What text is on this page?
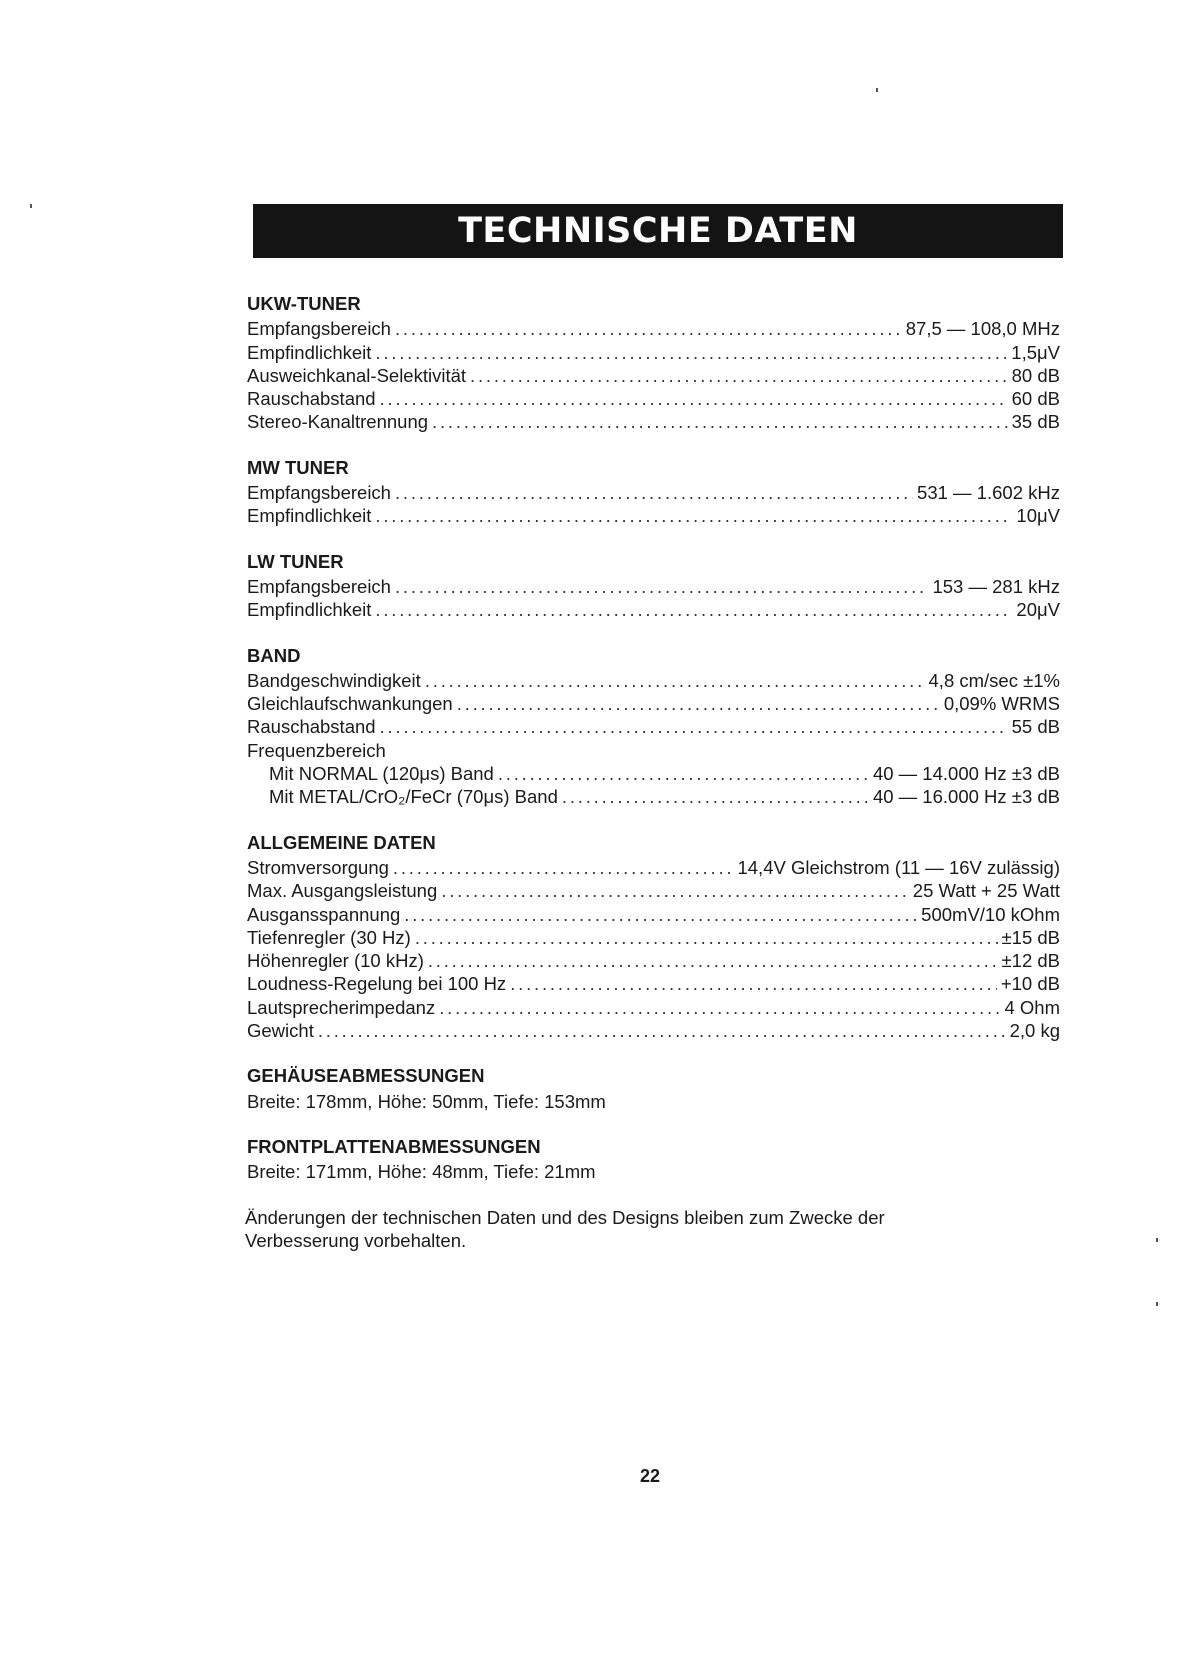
TECHNISCHE DATEN
UKW-TUNER
Empfangsbereich .....	87,5 — 108,0 MHz
Empfindlichkeit .....	1,5μV
Ausweichkanal-Selektivität .....	80 dB
Rauschabstand .....	60 dB
Stereo-Kanaltrennung .....	35 dB
MW TUNER
Empfangsbereich .....	531 — 1.602 kHz
Empfindlichkeit .....	10μV
LW TUNER
Empfangsbereich .....	153 — 281 kHz
Empfindlichkeit .....	20μV
BAND
Bandgeschwindigkeit .....	4,8 cm/sec ±1%
Gleichlaufschwankungen .....	0,09% WRMS
Rauschabstand .....	55 dB
Frequenzbereich
Mit NORMAL (120μs) Band .....	40 — 14.000 Hz ±3 dB
Mit METAL/CrO₂/FeCr (70μs) Band .....	40 — 16.000 Hz ±3 dB
ALLGEMEINE DATEN
Stromversorgung .....	14,4V Gleichstrom (11 — 16V zulässig)
Max. Ausgangsleistung .....	25 Watt + 25 Watt
Ausgansspannung .....	500mV/10 kOhm
Tiefenregler (30 Hz) .....	±15 dB
Höhenregler (10 kHz) .....	±12 dB
Loudness-Regelung bei 100 Hz .....	+10 dB
Lautsprecherimpedanz .....	4 Ohm
Gewicht .....	2,0 kg
GEHÄUSEABMESSUNGEN
Breite: 178mm, Höhe: 50mm, Tiefe: 153mm
FRONTPLATTENABMESSUNGEN
Breite: 171mm, Höhe: 48mm, Tiefe: 21mm
Änderungen der technischen Daten und des Designs bleiben zum Zwecke der Verbesserung vorbehalten.
22
